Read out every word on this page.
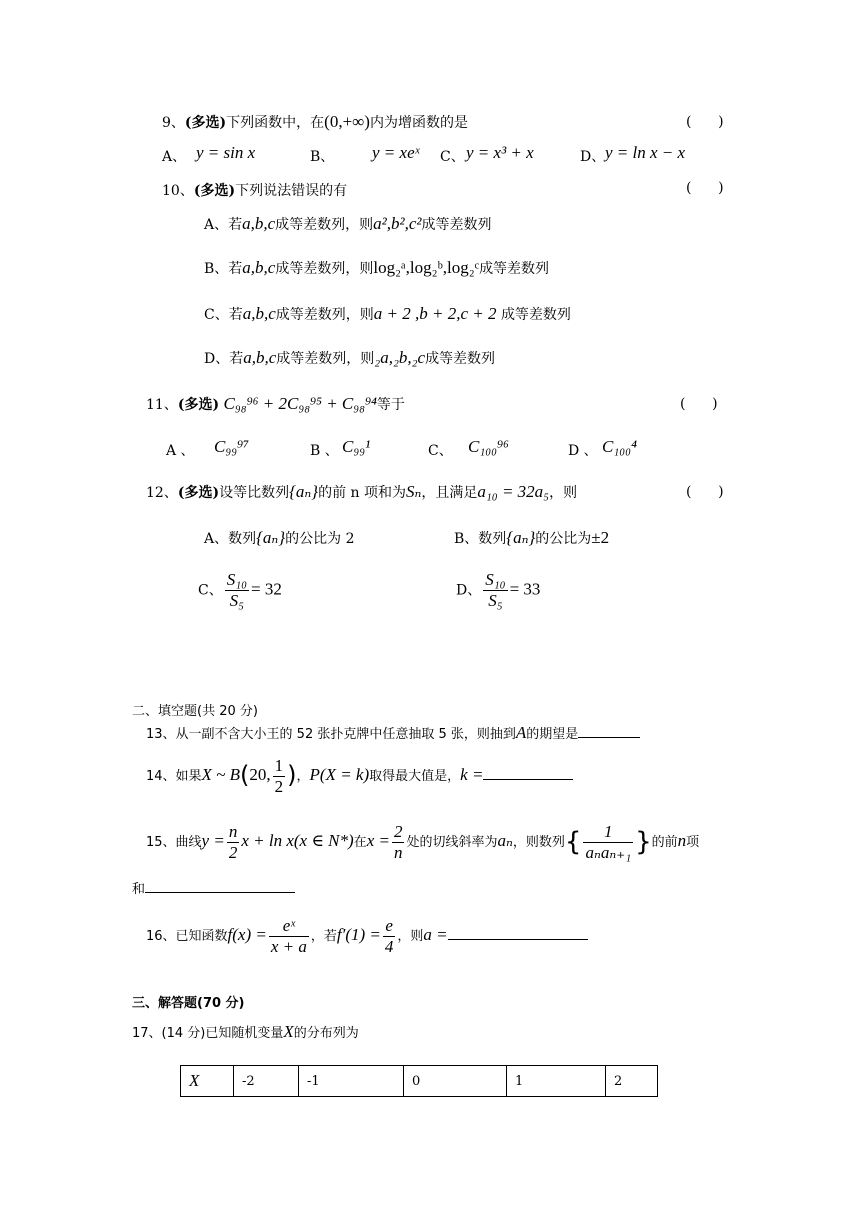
9、(多选)下列函数中，在(0,+∞)内为增函数的是	(      )
A、 y = sin x	B、 y = xeˣ C、 y = x³ + x	D、 y = ln x − x
10、(多选)下列说法错误的有	(      )
A、若a,b,c成等差数列，则a²,b²,c²成等差数列
B、若a,b,c成等差数列，则log₂ᵃ,log₂ᵇ,log₂ᶜ成等差数列
C、若a,b,c成等差数列，则a + 2 ,b + 2,c + 2 成等差数列
D、若a,b,c成等差数列，则₂a,₂b,₂c成等差数列
11、(多选) C₉₈⁹⁶ + 2C₉₈⁹⁵ + C₉₈⁹⁴等于	(      )
A 、 C₉₉⁹⁷	B 、 C₉₉¹	C、 C₁₀₀⁹⁶	D 、 C₁₀₀⁴
12、(多选)设等比数列{aₙ}的前 n 项和为Sₙ，且满足a₁₀ = 32a₅，则	(      )
A、数列{aₙ}的公比为 2	B、数列{aₙ}的公比为±2
C、 $\frac{\text{S₁₀}}{\text{S₅}} = 32$	D、 $\frac{\text{S₁₀}}{\text{S₅}} = 33$
二、填空题(共 20 分)
13、从一副不含大小王的 52 张扑克牌中任意抽取 5 张，则抽到A的期望是
14、如果X ~ B(20, $\frac{1}{2}$ )，P(X = k)取得最大值是，k =
15、曲线$y = \frac{n}{2}$ x + ln x(x ∈ N*)在$x = \frac{2}{n}$ 处的切线斜率为aₙ，则数列{ $\frac{1}{\text{aₙaₙ₊₁}}$ }的前n项
和
16、已知函数$f(x) = \frac{\text{eˣ}}{x + a}$ ，若$f'(1) = \frac{e}{4}$ ，则a =
三、解答题(70 分)
17、(14 分)已知随机变量X的分布列为
X	-2	-1	0	1	2
